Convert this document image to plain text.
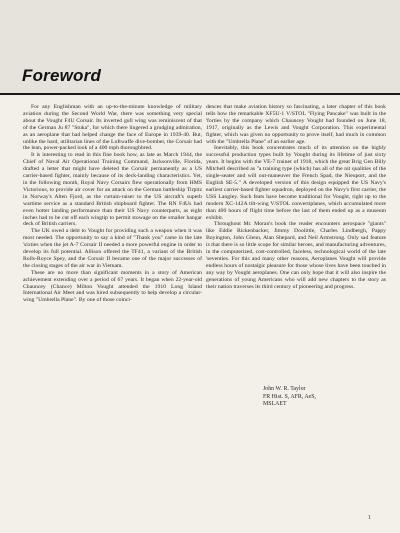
Foreword

For any Englishman with an up-to-the-minute knowledge of military aviation during the Second World War, there was something very special about the Vought F4U Corsair. Its inverted gull wing was reminiscent of that of the German Ju 87 "Stuka", for which there lingered a grudging admiration, as an aeroplane that had helped change the face of Europe in 1939-40. But, unlike the hard, utilitarian lines of the Luftwaffe dive-bomber, the Corsair had the lean, power-packed look of a 400 mph thoroughbred.

It is interesting to read in this fine book how, as late as March 1944, the Chief of Naval Air Operational Training Command, Jacksonville, Florida, drafted a letter that might have deleted the Corsair permanently as a US carrier-based fighter, mainly because of its deck-landing characteristics. Yet, in the following month, Royal Navy Corsairs flew operationally from HMS Victorious, to provide air cover for an attack on the German battleship Tirpitz in Norway's Alten Fjord, as the curtain-raiser to the US aircraft's superb wartime service as a standard British shipboard fighter. The RN F4Us had even hotter landing performance than their US Navy counterparts, as eight inches had to be cut off each wingtip to permit stowage on the smaller hangar deck of British carriers.

The UK owed a debt to Vought for providing such a weapon when it was most needed. The opportunity to say a kind of "Thank you" came in the late 'sixties when the jet A-7 Corsair II needed a more powerful engine in order to develop its full potential. Allison offered the TF41, a variant of the British Rolls-Royce Spey, and the Corsair II became one of the major successes of the closing stages of the air war in Vietnam.

These are no more than significant moments in a story of American achievement extending over a period of 67 years. It began when 22-year-old Chauncey (Chance) Milton Vought attended the 1910 Long Island International Air Meet and was hired subsequently to help develop a circular-wing "Umbrella Plane". By one of those coinci-

dences that make aviation history so fascinating, a later chapter of this book tells how the remarkable XF5U-1 V/STOL "Flying Pancake" was built in the 'forties by the company which Chauncey Vought had founded on June 18, 1917, originally as the Lewis and Vought Corporation. This experimental fighter, which was given no opportunity to prove itself, had much in common with the "Umbrella Plane" of an earlier age.

Inevitably, this book concentrates much of its attention on the highly successful production types built by Vought during its lifetime of just sixty years. It begins with the VE-7 trainer of 1918, which the great Brig Gen Billy Mitchell described as "a training type (which) has all of the nit qualities of the single-seater and will out-maneuver the French Spad, the Nieuport, and the English SE-5." A developed version of this design equipped the US Navy's earliest carrier-based fighter squadron, deployed on the Navy's first carrier, the USS Langley. Such feats have become traditional for Vought, right up to the modern XC-142A tilt-wing V/STOL convertiplanes, which accumulated more than 400 hours of flight time before the last of them ended up as a museum exhibit.

Throughout Mr. Moran's book the reader encounters aerospace "giants" like Eddie Rickenbacker, Jimmy Doolittle, Charles Lindbergh, Pappy Boyington, John Glenn, Alan Shepard, and Neil Armstrong. Only sad feature is that there is so little scope for similar heroes, and manufacturing adventures, in the computerized, cost-controlled, faceless, technological world of the late 'seventies. For this and many other reasons, Aeroplanes Vought will provide endless hours of nostalgic pleasure for those whose lives have been touched in any way by Vought aeroplanes. One can only hope that it will also inspire the generations of young Americans who will add new chapters to the story as their nation traverses its third century of pioneering and progress.

John W. R. Taylor
FR Hist. S, AFR, AeS,
MSLAET
1
